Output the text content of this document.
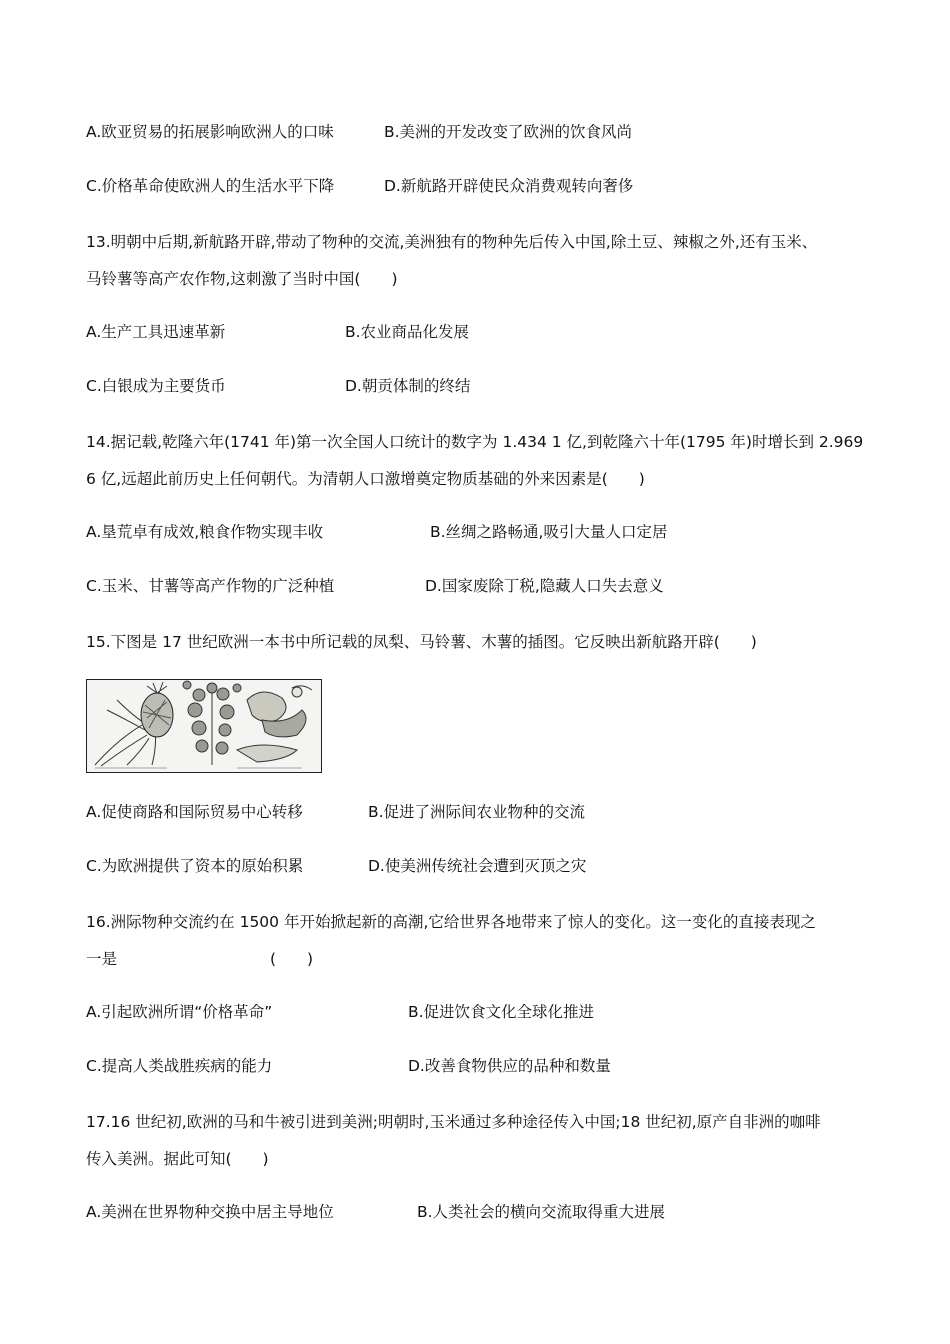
A.欧亚贸易的拓展影响欧洲人的口味	B.美洲的开发改变了欧洲的饮食风尚
C.价格革命使欧洲人的生活水平下降	D.新航路开辟使民众消费观转向奢侈
13.明朝中后期,新航路开辟,带动了物种的交流,美洲独有的物种先后传入中国,除土豆、辣椒之外,还有玉米、
马铃薯等高产农作物,这刺激了当时中国(　　)
A.生产工具迅速革新	B.农业商品化发展
C.白银成为主要货币	D.朝贡体制的终结
14.据记载,乾隆六年(1741 年)第一次全国人口统计的数字为 1.434 1 亿,到乾隆六十年(1795 年)时增长到 2.969
6 亿,远超此前历史上任何朝代。为清朝人口激增奠定物质基础的外来因素是(　　)
A.垦荒卓有成效,粮食作物实现丰收	B.丝绸之路畅通,吸引大量人口定居
C.玉米、甘薯等高产作物的广泛种植	D.国家废除丁税,隐藏人口失去意义
15.下图是 17 世纪欧洲一本书中所记载的凤梨、马铃薯、木薯的插图。它反映出新航路开辟(　　)
A.促使商路和国际贸易中心转移	B.促进了洲际间农业物种的交流
C.为欧洲提供了资本的原始积累	D.使美洲传统社会遭到灭顶之灾
16.洲际物种交流约在 1500 年开始掀起新的高潮,它给世界各地带来了惊人的变化。这一变化的直接表现之
一是	(　　)
A.引起欧洲所谓“价格革命”	B.促进饮食文化全球化推进
C.提高人类战胜疾病的能力	D.改善食物供应的品种和数量
17.16 世纪初,欧洲的马和牛被引进到美洲;明朝时,玉米通过多种途径传入中国;18 世纪初,原产自非洲的咖啡
传入美洲。据此可知(　　)
A.美洲在世界物种交换中居主导地位	B.人类社会的横向交流取得重大进展
